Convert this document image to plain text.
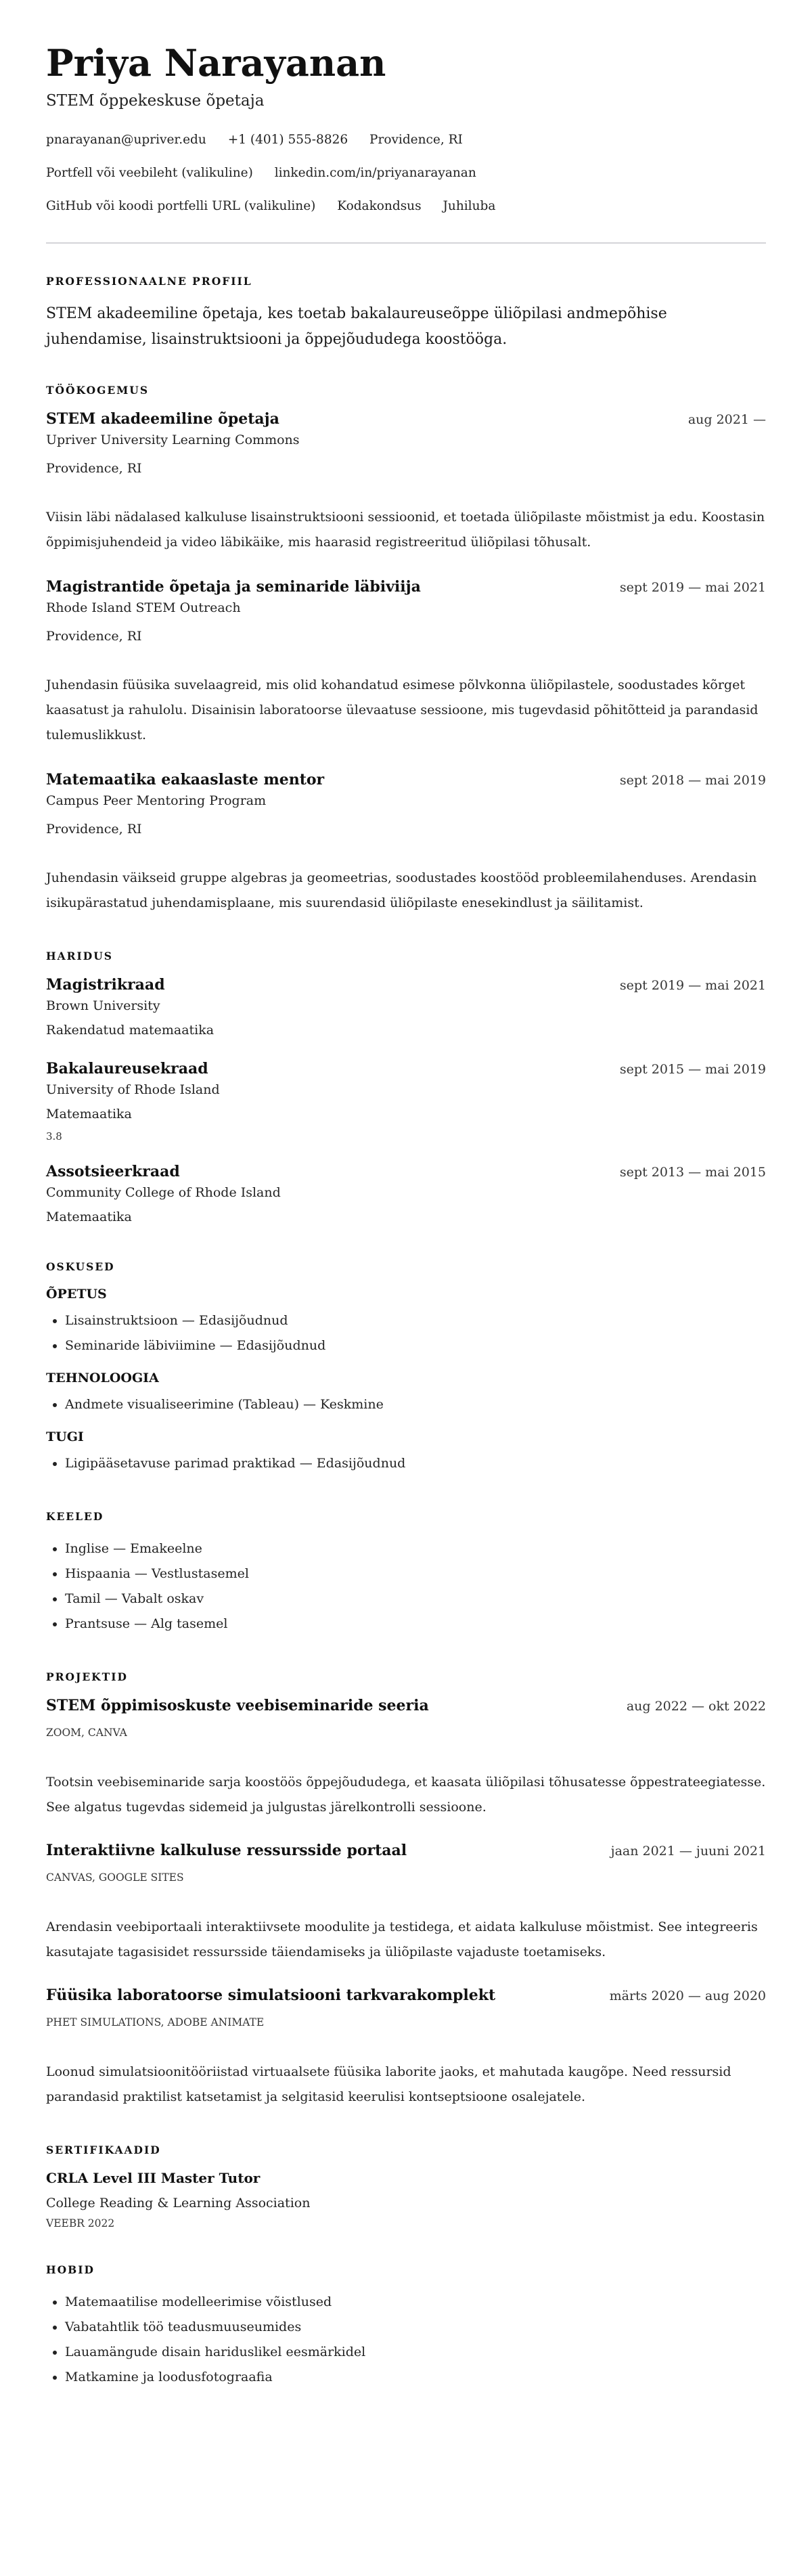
Priya Narayanan
STEM õppekeskuse õpetaja
pnarayanan@upriver.edu +1 (401) 555-8826 Providence, RI
Portfell või veebileht (valikuline) linkedin.com/in/priyanarayanan
GitHub või koodi portfelli URL (valikuline) Kodakondsus Juhiluba
PROFESSIONAALNE PROFIIL

STEM akadeemiline õpetaja, kes toetab bakalaureuseõppe üliõpilasi andmepõhise juhendamise, lisainstruktsiooni ja õppejõududega koostööga.

TÖÖKOGEMUS
STEM akadeemiline õpetaja	aug 2021 —
Upriver University Learning Commons
Providence, RI
Viisin läbi nädalased kalkuluse lisainstruktsiooni sessioonid, et toetada üliõpilaste mõistmist ja edu. Koostasin õppimisjuhendeid ja video läbikäike, mis haarasid registreeritud üliõpilasi tõhusalt.
Magistrantide õpetaja ja seminaride läbiviija	sept 2019 — mai 2021
Rhode Island STEM Outreach
Providence, RI
Juhendasin füüsika suvelaagreid, mis olid kohandatud esimese põlvkonna üliõpilastele, soodustades kõrget kaasatust ja rahulolu. Disainisin laboratoorse ülevaatuse sessioone, mis tugevdasid põhitõtteid ja parandasid tulemuslikkust.
Matemaatika eakaaslaste mentor	sept 2018 — mai 2019
Campus Peer Mentoring Program
Providence, RI
Juhendasin väikseid gruppe algebras ja geomeetrias, soodustades koostööd probleemilahenduses. Arendasin isikupärastatud juhendamisplaane, mis suurendasid üliõpilaste enesekindlust ja säilitamist.
HARIDUS
Magistrikraad	sept 2019 — mai 2021
Brown University
Rakendatud matemaatika
Bakalaureusekraad	sept 2015 — mai 2019
University of Rhode Island
Matemaatika
3.8
Assotsieerkraad	sept 2013 — mai 2015
Community College of Rhode Island
Matemaatika
OSKUSED
ÕPETUS
• Lisainstruktsioon — Edasijõudnud
• Seminaride läbiviimine — Edasijõudnud
TEHNOLOOGIA
• Andmete visualiseerimine (Tableau) — Keskmine
TUGI
• Ligipääsetavuse parimad praktikad — Edasijõudnud
KEELED
• Inglise — Emakeelne
• Hispaania — Vestlustasemel
• Tamil — Vabalt oskav
• Prantsuse — Alg tasemel
PROJEKTID
STEM õppimisoskuste veebiseminaride seeria	aug 2022 — okt 2022
ZOOM, CANVA
Tootsin veebiseminaride sarja koostöös õppejõududega, et kaasata üliõpilasi tõhusatesse õppestrateegiatesse. See algatus tugevdas sidemeid ja julgustas järelkontrolli sessioone.
Interaktiivne kalkuluse ressursside portaal	jaan 2021 — juuni 2021
CANVAS, GOOGLE SITES
Arendasin veebiportaali interaktiivsete moodulite ja testidega, et aidata kalkuluse mõistmist. See integreeris kasutajate tagasisidet ressursside täiendamiseks ja üliõpilaste vajaduste toetamiseks.
Füüsika laboratoorse simulatsiooni tarkvarakomplekt	märts 2020 — aug 2020
PHET SIMULATIONS, ADOBE ANIMATE
Loonud simulatsioonitööriistad virtuaalsete füüsika laborite jaoks, et mahutada kaugõpe. Need ressursid parandasid praktilist katsetamist ja selgitasid keerulisi kontseptsioone osalejatele.
SERTIFIKAADID
CRLA Level III Master Tutor
College Reading & Learning Association
VEEBR 2022
HOBID
• Matemaatilise modelleerimise võistlused
• Vabatahtlik töö teadusmuuseumides
• Lauamängude disain hariduslikel eesmärkidel
• Matkamine ja loodusfotograafia
